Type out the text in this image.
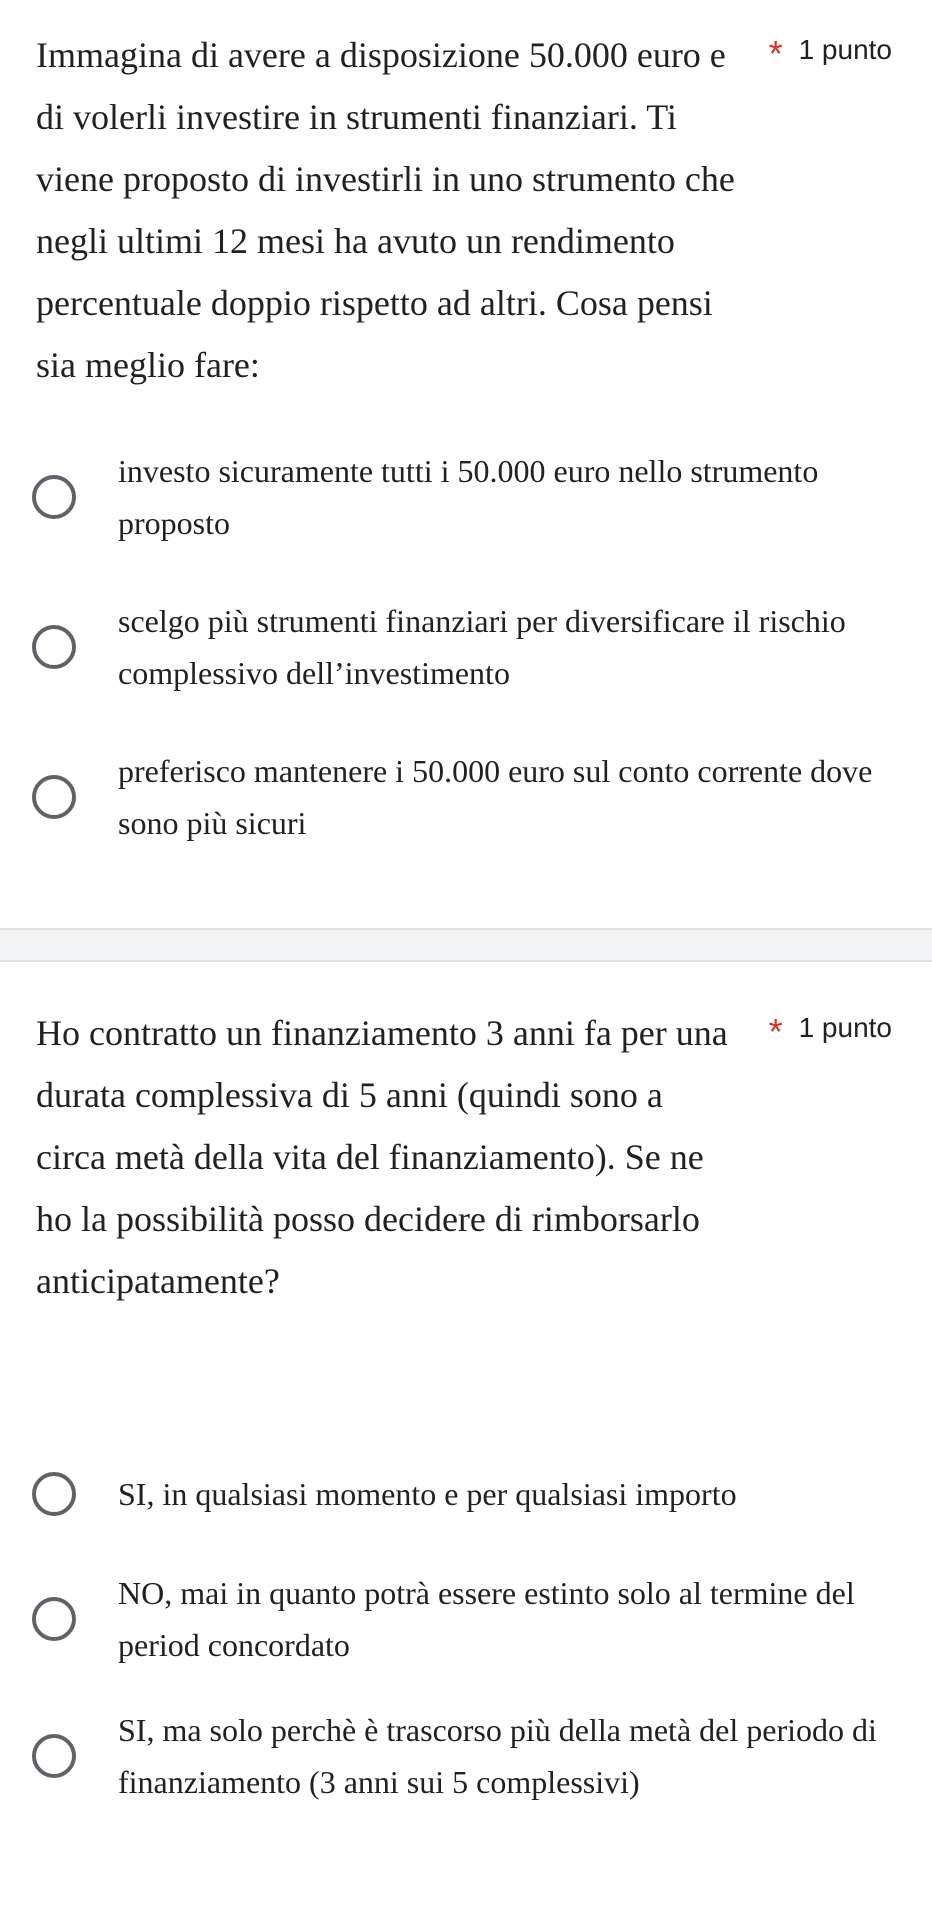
Immagina di avere a disposizione 50.000 euro e di volerli investire in strumenti finanziari. Ti viene proposto di investirli in uno strumento che negli ultimi 12 mesi ha avuto un rendimento percentuale doppio rispetto ad altri. Cosa pensi sia meglio fare:

* 1 punto
investo sicuramente tutti i 50.000 euro nello strumento proposto
scelgo più strumenti finanziari per diversificare il rischio complessivo dell’investimento
preferisco mantenere i 50.000 euro sul conto corrente dove sono più sicuri

Ho contratto un finanziamento 3 anni fa per una durata complessiva di 5 anni (quindi sono a circa metà della vita del finanziamento). Se ne ho la possibilità posso decidere di rimborsarlo anticipatamente?

* 1 punto
SI, in qualsiasi momento e per qualsiasi importo
NO, mai in quanto potrà essere estinto solo al termine del period concordato
SI, ma solo perchè è trascorso più della metà del periodo di finanziamento (3 anni sui 5 complessivi)
